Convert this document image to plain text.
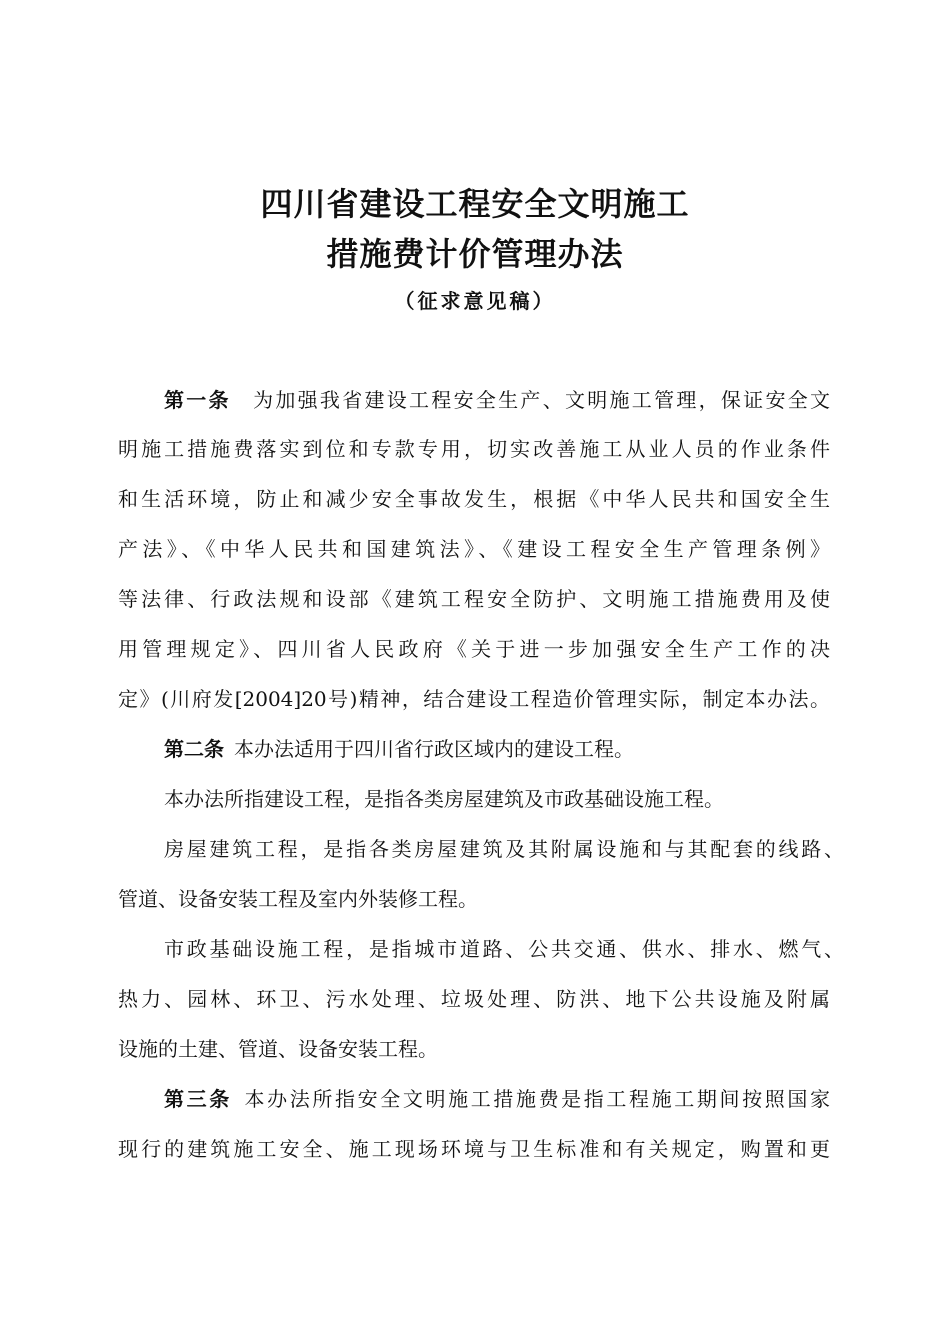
四川省建设工程安全文明施工
措施费计价管理办法
（征求意见稿）
第一条  为加强我省建设工程安全生产、文明施工管理，保证安全文
明施工措施费落实到位和专款专用，切实改善施工从业人员的作业条件
和生活环境，防止和减少安全事故发生，根据《中华人民共和国安全生
产法》、《中华人民共和国建筑法》、《建设工程安全生产管理条例》
等法律、行政法规和设部《建筑工程安全防护、文明施工措施费用及使
用管理规定》、四川省人民政府《关于进一步加强安全生产工作的决
定》(川府发[2004]20号)精神，结合建设工程造价管理实际，制定本办法。
第二条  本办法适用于四川省行政区域内的建设工程。
本办法所指建设工程，是指各类房屋建筑及市政基础设施工程。
房屋建筑工程，是指各类房屋建筑及其附属设施和与其配套的线路、
管道、设备安装工程及室内外装修工程。
市政基础设施工程，是指城市道路、公共交通、供水、排水、燃气、
热力、园林、环卫、污水处理、垃圾处理、防洪、地下公共设施及附属
设施的土建、管道、设备安装工程。
第三条  本办法所指安全文明施工措施费是指工程施工期间按照国家
现行的建筑施工安全、施工现场环境与卫生标准和有关规定，购置和更
